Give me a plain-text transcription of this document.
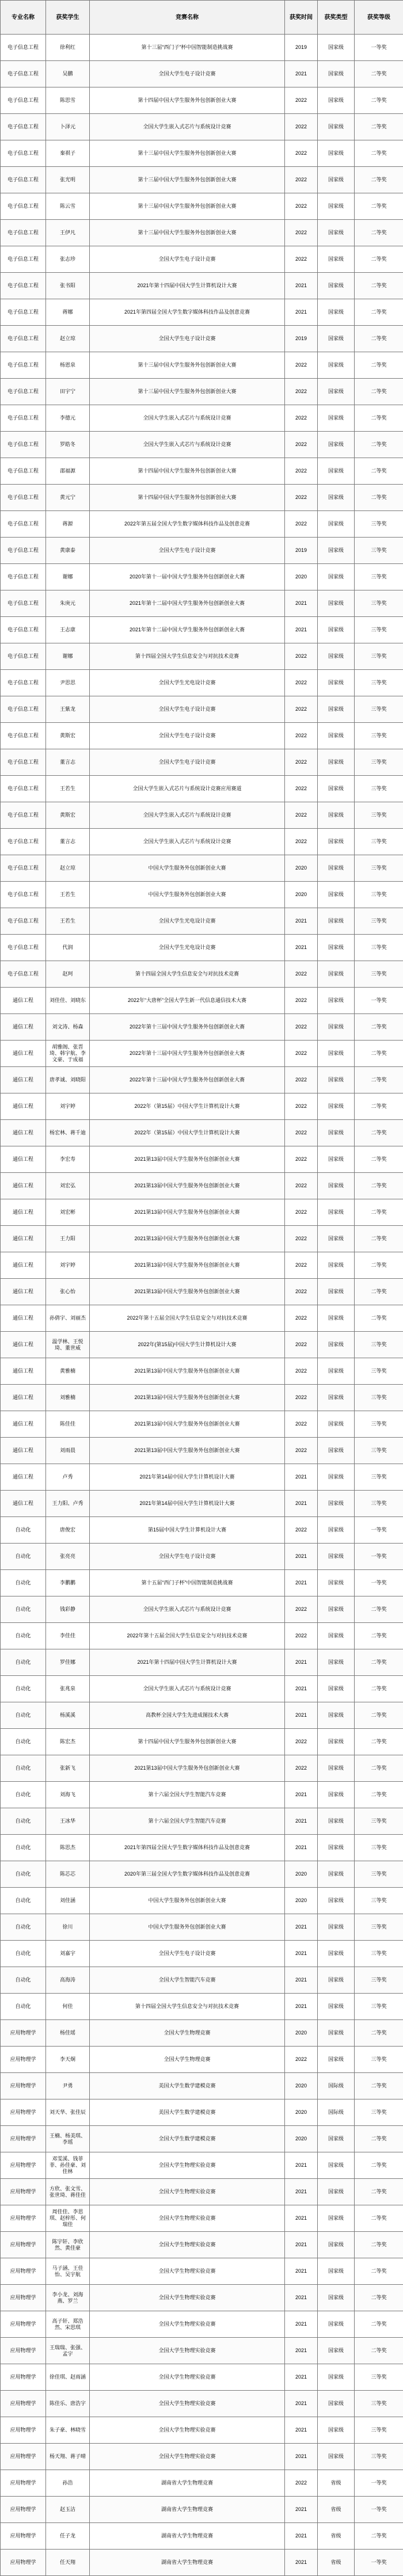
专业名称	获奖学生	竞赛名称	获奖时间	获奖类型	获奖等级
电子信息工程	徐利红	第十三届“西门子”杯中国智能制造挑战赛	2019	国家级	一等奖
电子信息工程	吴鹏	全国大学生电子设计竞赛	2021	国家级	二等奖
电子信息工程	陈思雪	第十四届中国大学生服务外包创新创业大赛	2022	国家级	二等奖
电子信息工程	卜泽元	全国大学生嵌入式芯片与系统设计竞赛	2022	国家级	二等奖
电子信息工程	秦祺子	第十三届中国大学生服务外包创新创业大赛	2022	国家级	二等奖
电子信息工程	张光明	第十三届中国大学生服务外包创新创业大赛	2022	国家级	二等奖
电子信息工程	陈云雪	第十三届中国大学生服务外包创新创业大赛	2022	国家级	二等奖
电子信息工程	王伊凡	第十三届中国大学生服务外包创新创业大赛	2022	国家级	二等奖
电子信息工程	张志珍	全国大学生电子设计竞赛	2022	国家级	二等奖
电子信息工程	张书阳	2021年第十四届中国大学生计算机设计大赛	2021	国家级	二等奖
电子信息工程	蒋娜	2021年第四届全国大学生数字媒体科技作品及创意竞赛	2021	国家级	二等奖
电子信息工程	赵立琼	全国大学生电子设计竞赛	2019	国家级	二等奖
电子信息工程	杨恩泉	第十三届中国大学生服务外包创新创业大赛	2022	国家级	二等奖
电子信息工程	田宇宁	第十三届中国大学生服务外包创新创业大赛	2022	国家级	二等奖
电子信息工程	李德元	全国大学生嵌入式芯片与系统设计竞赛	2022	国家级	二等奖
电子信息工程	罗皓冬	全国大学生嵌入式芯片与系统设计竞赛	2022	国家级	二等奖
电子信息工程	邵福源	第十四届中国大学生服务外包创新创业大赛	2022	国家级	二等奖
电子信息工程	黄元宁	第十四届中国大学生服务外包创新创业大赛	2022	国家级	二等奖
电子信息工程	蒋源	2022年第五届全国大学生数字媒体科技作品及创意竞赛	2022	国家级	三等奖
电子信息工程	黄康泰	全国大学生电子设计竞赛	2019	国家级	三等奖
电子信息工程	谢娜	2020年第十一届中国大学生服务外包创新创业大赛	2020	国家级	三等奖
电子信息工程	朱庚元	2021年第十二届中国大学生服务外包创新创业大赛	2021	国家级	三等奖
电子信息工程	王志康	2021年第十二届中国大学生服务外包创新创业大赛	2021	国家级	三等奖
电子信息工程	谢娜	第十四届全国大学生信息安全与对抗技术竞赛	2022	国家级	三等奖
电子信息工程	尹思思	全国大学生光电设计竞赛	2022	国家级	三等奖
电子信息工程	王紫龙	全国大学生电子设计竞赛	2022	国家级	三等奖
电子信息工程	黄斯宏	全国大学生电子设计竞赛	2022	国家级	三等奖
电子信息工程	董言志	全国大学生电子设计竞赛	2022	国家级	三等奖
电子信息工程	王若生	全国大学生嵌入式芯片与系统设计竞赛应用赛道	2022	国家级	三等奖
电子信息工程	黄斯宏	全国大学生嵌入式芯片与系统设计竞赛	2022	国家级	三等奖
电子信息工程	董言志	全国大学生嵌入式芯片与系统设计竞赛	2022	国家级	三等奖
电子信息工程	赵立琼	中国大学生服务外包创新创业大赛	2020	国家级	三等奖
电子信息工程	王若生	中国大学生服务外包创新创业大赛	2020	国家级	三等奖
电子信息工程	王若生	全国大学生光电设计竞赛	2021	国家级	三等奖
电子信息工程	代润	全国大学生光电设计竞赛	2021	国家级	三等奖
电子信息工程	赵珂	第十四届全国大学生信息安全与对抗技术竞赛	2022	国家级	三等奖
通信工程	刘佳佳、刘晓东	2022年“大唐杯”全国大学生新一代信息通信技术大赛	2022	国家级	一等奖
通信工程	刘文涛、杨森	2022年第十三届中国大学生服务外包创新创业大赛	2022	国家级	二等奖
通信工程	胡雅阁、张晋琦、韩宇航、李文豪、于成福	2022年第十三届中国大学生服务外包创新创业大赛	2022	国家级	二等奖
通信工程	唐孝诚、刘晓阳	2022年第十三届中国大学生服务外包创新创业大赛	2022	国家级	二等奖
通信工程	刘宇婷	2022年（第15届）中国大学生计算机设计大赛	2022	国家级	二等奖
通信工程	杨宏林、蒋千迪	2022年（第15届）中国大学生计算机设计大赛	2022	国家级	二等奖
通信工程	李宏寿	2021第13届中国大学生服务外包创新创业大赛	2022	国家级	二等奖
通信工程	刘宏弘	2021第13届中国大学生服务外包创新创业大赛	2022	国家级	二等奖
通信工程	刘宏彬	2021第13届中国大学生服务外包创新创业大赛	2022	国家级	二等奖
通信工程	王力阳	2021第13届中国大学生服务外包创新创业大赛	2022	国家级	二等奖
通信工程	刘宇婷	2021第13届中国大学生服务外包创新创业大赛	2022	国家级	二等奖
通信工程	张心怡	2021第13届中国大学生服务外包创新创业大赛	2022	国家级	二等奖
通信工程	孙倩宇、刘丽杰	2022年第十五届全国大学生信息安全与对抗技术竞赛	2022	国家级	二等奖
通信工程	温学林、王悦琦、董世威	2022年(第15届)中国大学生计算机设计大赛	2022	国家级	三等奖
通信工程	黄雅楠	2021第13届中国大学生服务外包创新创业大赛	2022	国家级	三等奖
通信工程	刘雅楠	2021第13届中国大学生服务外包创新创业大赛	2022	国家级	三等奖
通信工程	陈佳佳	2021第13届中国大学生服务外包创新创业大赛	2022	国家级	三等奖
通信工程	刘雨晨	2021第13届中国大学生服务外包创新创业大赛	2022	国家级	三等奖
通信工程	卢秀	2021年第14届中国大学生计算机设计大赛	2021	国家级	三等奖
通信工程	王力阳、卢秀	2021年第14届中国大学生计算机设计大赛	2021	国家级	三等奖
自动化	唐俊宏	第15届中国大学生计算机设计大赛	2022	国家级	一等奖
自动化	张亮亮	全国大学生电子设计竞赛	2021	国家级	一等奖
自动化	李鹏鹏	第十五届“西门子杯”中国智能制造挑战赛	2021	国家级	一等奖
自动化	钱彩静	全国大学生嵌入式芯片与系统设计竞赛	2022	国家级	二等奖
自动化	李佳佳	2022年第十五届全国大学生信息安全与对抗技术竞赛	2022	国家级	二等奖
自动化	罗佳娜	2021年第十四届中国大学生计算机设计大赛	2021	国家级	二等奖
自动化	张兆泉	全国大学生嵌入式芯片与系统设计竞赛	2021	国家级	二等奖
自动化	杨溪溪	高教杯全国大学生先进成图技术大赛	2021	国家级	二等奖
自动化	陈宏杰	第十四届中国大学生服务外包创新创业大赛	2022	国家级	二等奖
自动化	张新飞	2021第13届中国大学生服务外包创新创业大赛	2022	国家级	二等奖
自动化	刘海飞	第十六届全国大学生智能汽车竞赛	2021	国家级	二等奖
自动化	王冰华	第十六届全国大学生智能汽车竞赛	2021	国家级	三等奖
自动化	陈思杰	2021年第四届全国大学生数字媒体科技作品及创意竞赛	2021	国家级	三等奖
自动化	陈芯芯	2020年第三届全国大学生数字媒体科技作品及创意竞赛	2020	国家级	三等奖
自动化	刘佳涵	中国大学生服务外包创新创业大赛	2020	国家级	三等奖
自动化	徐川	中国大学生服务外包创新创业大赛	2021	国家级	三等奖
自动化	刘嘉宇	全国大学生电子设计竞赛	2021	国家级	三等奖
自动化	高海涛	全国大学生智能汽车竞赛	2021	国家级	三等奖
自动化	何佳	第十四届全国大学生信息安全与对抗技术竞赛	2021	国家级	三等奖
应用物理学	杨佳瑶	全国大学生物理竞赛	2020	国家级	二等奖
应用物理学	李天炯	全国大学生物理竞赛	2022	国家级	三等奖
应用物理学	尹勇	美国大学生数学建模竞赛	2020	国际级	二等奖
应用物理学	刘天华、张佳辰	美国大学生数学建模竞赛	2020	国际级	三等奖
应用物理学	王楠、杨美琪、李瑶	全国大学生数学建模竞赛	2020	国家级	二等奖
应用物理学	邓雯溪、钱菲菲、孙佳豪、刘佳林	全国大学生物理实验竞赛	2021	国家级	二等奖
应用物理学	方欣、张文雪、张世琦、蒋佳佳	全国大学生物理实验竞赛	2021	国家级	二等奖
应用物理学	周佳佳、李思琪、赵梓彤、何瑞佳	全国大学生物理实验竞赛	2021	国家级	二等奖
应用物理学	陈宇轩、李欣然、黄佳豪	全国大学生物理实验竞赛	2021	国家级	二等奖
应用物理学	马子涵、王佳怡、吴宇航	全国大学生物理实验竞赛	2021	国家级	二等奖
应用物理学	李小龙、刘海燕、罗兰	全国大学生物理实验竞赛	2021	国家级	二等奖
应用物理学	高子轩、郑浩然、宋思琪	全国大学生物理实验竞赛	2021	国家级	二等奖
应用物理学	王瑞瑞、张强、孟宇	全国大学生物理实验竞赛	2021	国家级	二等奖
应用物理学	徐佳琪、赵雨涵	全国大学生物理实验竞赛	2021	国家级	三等奖
应用物理学	陈佳乐、唐浩宇	全国大学生物理实验竞赛	2021	国家级	三等奖
应用物理学	朱子豪、林晓雪	全国大学生物理实验竞赛	2021	国家级	三等奖
应用物理学	杨天翔、蒋子晴	全国大学生物理实验竞赛	2021	国家级	三等奖
应用物理学	孙浩	湖南省大学生物理竞赛	2022	省级	一等奖
应用物理学	赵玉洁	湖南省大学生物理竞赛	2021	省级	一等奖
应用物理学	任子龙	湖南省大学生物理竞赛	2021	省级	二等奖
应用物理学	任天翔	湖南省大学生物理竞赛	2021	省级	一等奖
